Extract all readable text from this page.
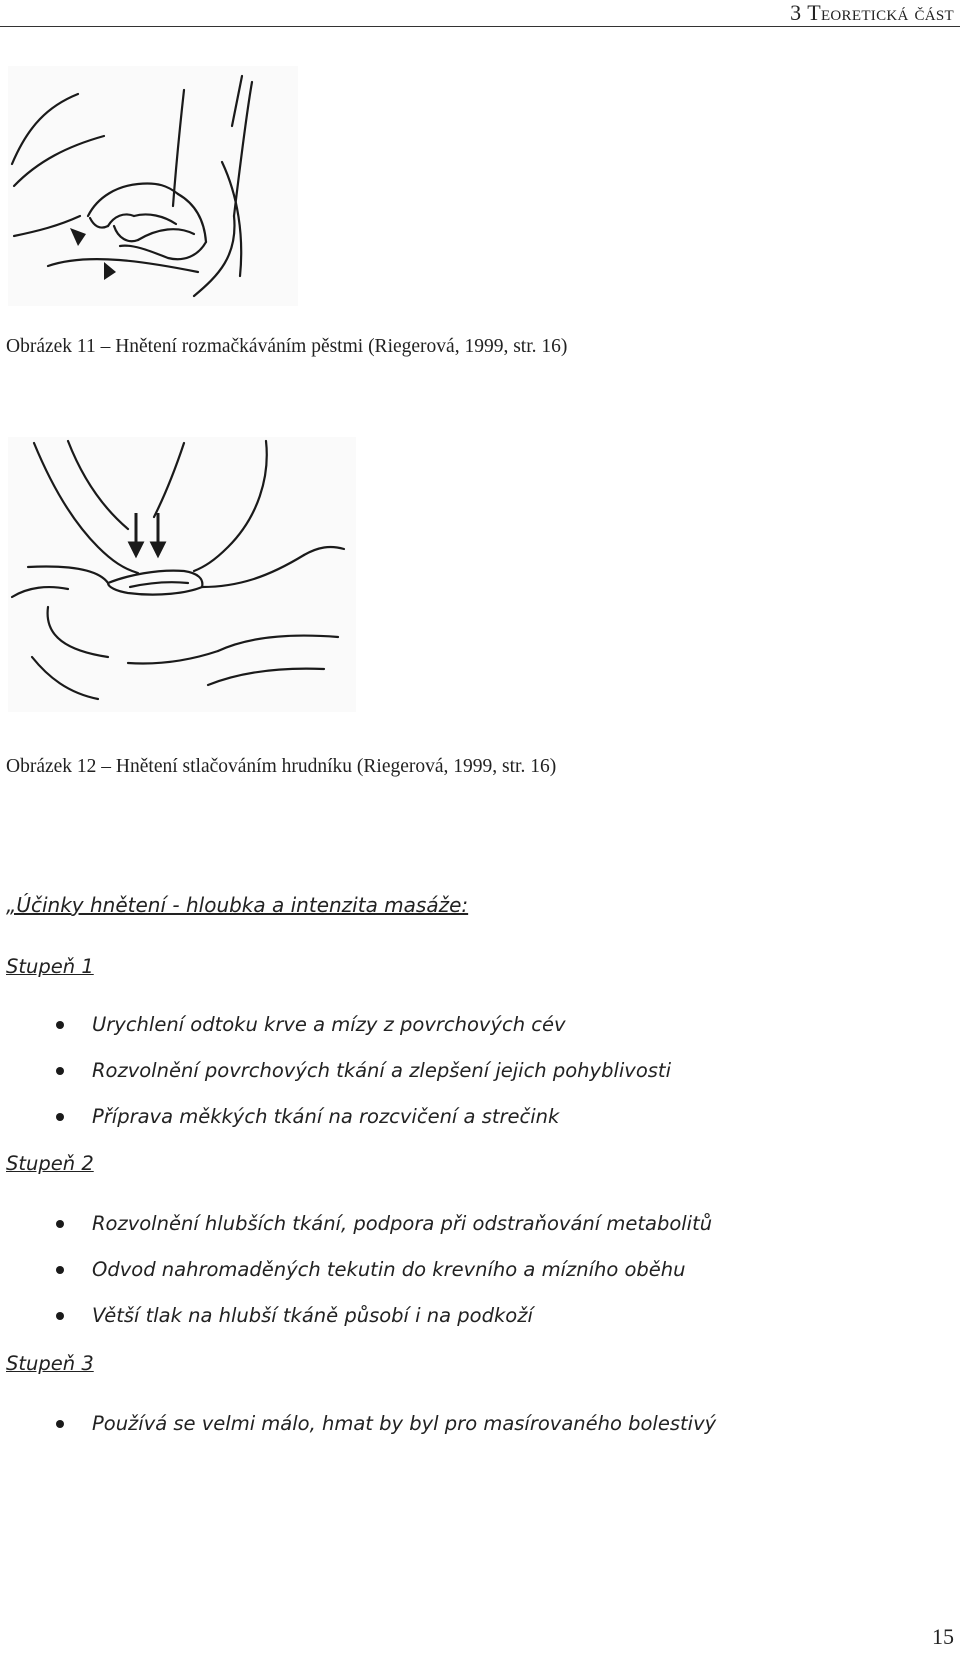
3 Teoretická část
Obrázek 11 – Hnětení rozmačkáváním pěstmi (Riegerová, 1999, str. 16)
Obrázek 12 – Hnětení stlačováním hrudníku (Riegerová, 1999, str. 16)
„Účinky hnětení - hloubka a intenzita masáže:
Stupeň 1
Urychlení odtoku krve a mízy z povrchových cév
Rozvolnění povrchových tkání a zlepšení jejich pohyblivosti
Příprava měkkých tkání na rozcvičení a strečink
Stupeň 2
Rozvolnění hlubších tkání, podpora při odstraňování metabolitů
Odvod nahromaděných tekutin do krevního a mízního oběhu
Větší tlak na hlubší tkáně působí i na podkoží
Stupeň 3
Používá se velmi málo, hmat by byl pro masírovaného bolestivý
15
